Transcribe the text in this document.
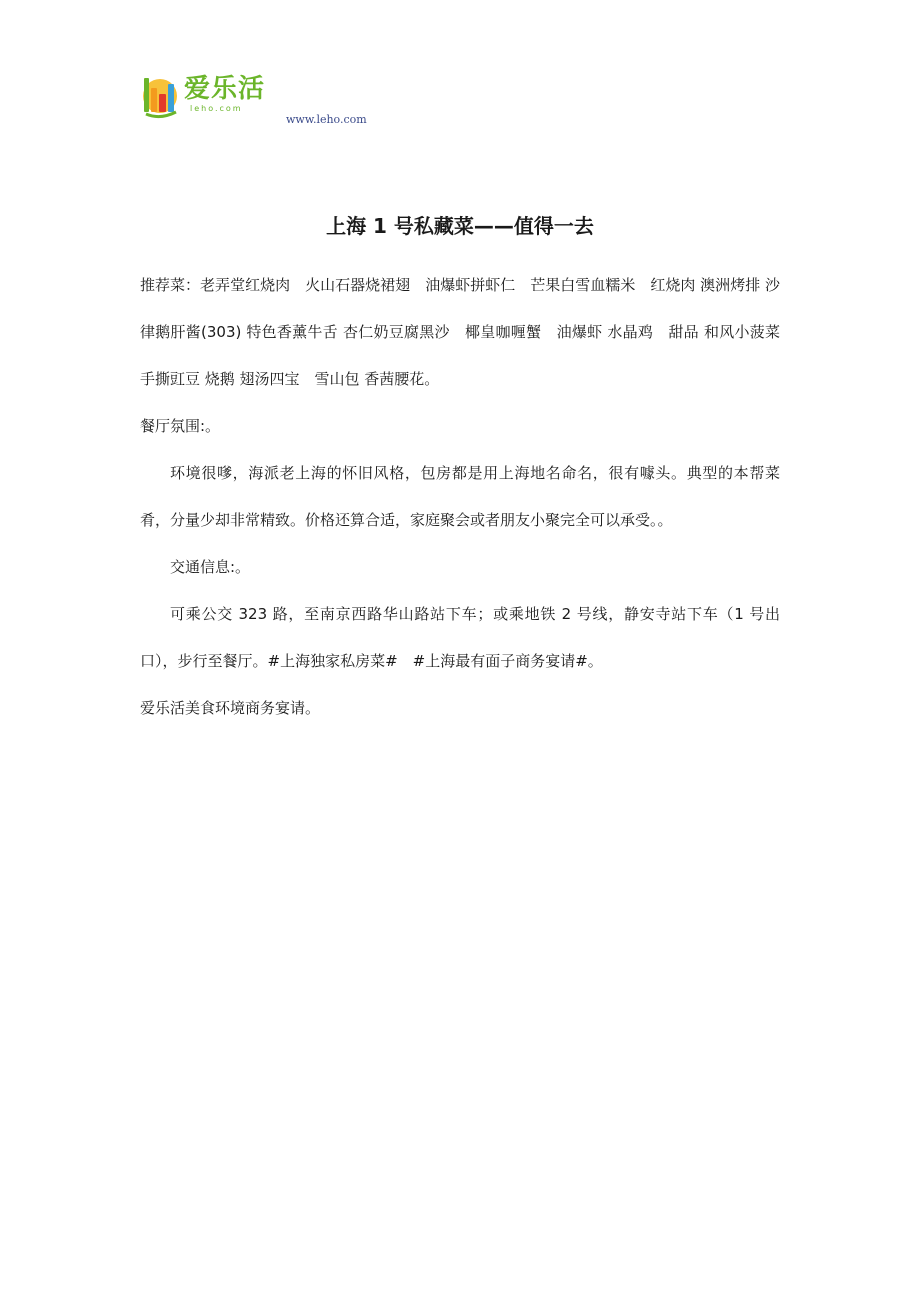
爱乐活
leho.com
www.leho.com
上海 1 号私藏菜——值得一去

推荐菜：老弄堂红烧肉　火山石器烧裙翅　油爆虾拼虾仁　芒果白雪血糯米　红烧肉 澳洲烤排 沙律鹅肝酱(303) 特色香薰牛舌 杏仁奶豆腐黑沙　椰皇咖喱蟹　油爆虾 水晶鸡　甜品 和风小菠菜 手撕豇豆 烧鹅 翅汤四宝　雪山包 香茜腰花。

餐厅氛围:。

环境很嗲，海派老上海的怀旧风格，包房都是用上海地名命名，很有噱头。典型的本帮菜肴，分量少却非常精致。价格还算合适，家庭聚会或者朋友小聚完全可以承受。。

交通信息:。

可乘公交 323 路，至南京西路华山路站下车；或乘地铁 2 号线，静安寺站下车（1 号出口），步行至餐厅。#上海独家私房菜#　#上海最有面子商务宴请#。

爱乐活美食环境商务宴请。
